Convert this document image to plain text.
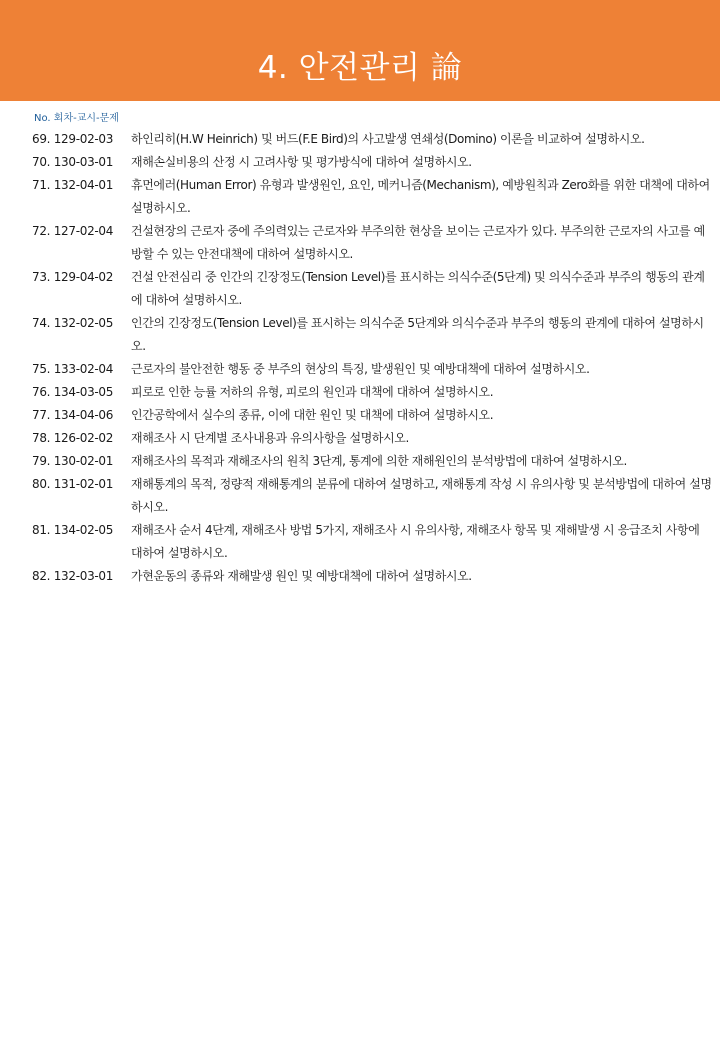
4. 안전관리 論
No. 회차-교시-문제
69. 129-02-03	하인리히(H.W Heinrich) 및 버드(F.E Bird)의 사고발생 연쇄성(Domino) 이론을 비교하여 설명하시오.
70. 130-03-01	재해손실비용의 산정 시 고려사항 및 평가방식에 대하여 설명하시오.
71. 132-04-01	휴먼에러(Human Error) 유형과 발생원인, 요인, 메커니즘(Mechanism), 예방원칙과 Zero화를 위한 대책에 대하여 설명하시오.
72. 127-02-04	건설현장의 근로자 중에 주의력있는 근로자와 부주의한 현상을 보이는 근로자가 있다. 부주의한 근로자의 사고를 예방할 수 있는 안전대책에 대하여 설명하시오.
73. 129-04-02	건설 안전심리 중 인간의 긴장정도(Tension Level)를 표시하는 의식수준(5단계) 및 의식수준과 부주의 행동의 관계에 대하여 설명하시오.
74. 132-02-05	인간의 긴장정도(Tension Level)를 표시하는 의식수준 5단계와 의식수준과 부주의 행동의 관계에 대하여 설명하시오.
75. 133-02-04	근로자의 불안전한 행동 중 부주의 현상의 특징, 발생원인 및 예방대책에 대하여 설명하시오.
76. 134-03-05	피로로 인한 능률 저하의 유형, 피로의 원인과 대책에 대하여 설명하시오.
77. 134-04-06	인간공학에서 실수의 종류, 이에 대한 원인 및 대책에 대하여 설명하시오.
78. 126-02-02	재해조사 시 단계별 조사내용과 유의사항을 설명하시오.
79. 130-02-01	재해조사의 목적과 재해조사의 원칙 3단계, 통계에 의한 재해원인의 분석방법에 대하여 설명하시오.
80. 131-02-01	재해통계의 목적, 정량적 재해통계의 분류에 대하여 설명하고, 재해통계 작성 시 유의사항 및 분석방법에 대하여 설명하시오.
81. 134-02-05	재해조사 순서 4단계, 재해조사 방법 5가지, 재해조사 시 유의사항, 재해조사 항목 및 재해발생 시 응급조치 사항에 대하여 설명하시오.
82. 132-03-01	가현운동의 종류와 재해발생 원인 및 예방대책에 대하여 설명하시오.
